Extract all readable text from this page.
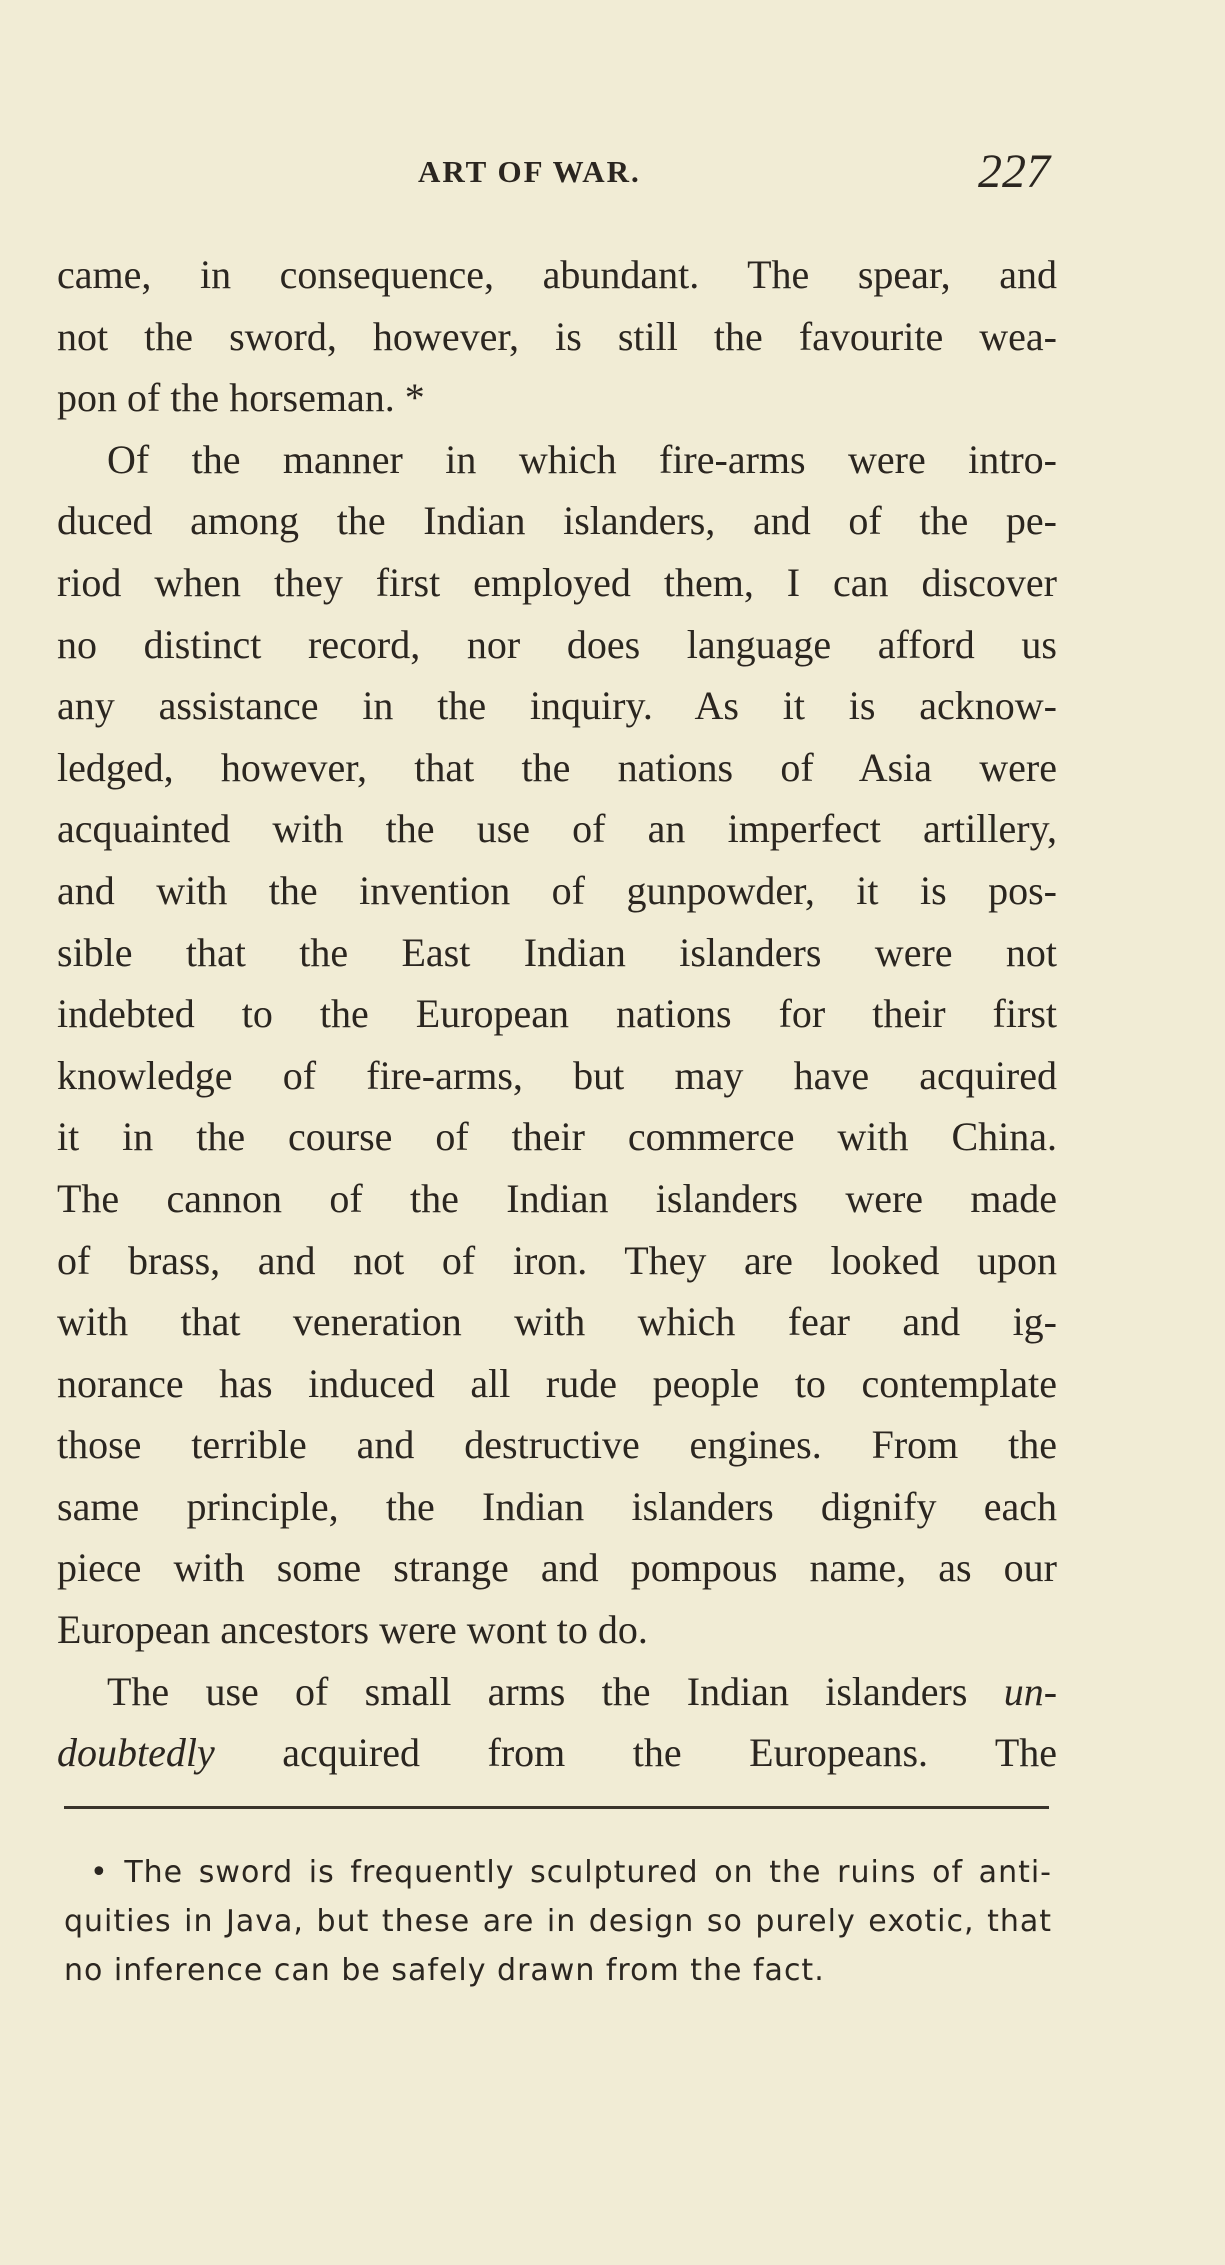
ART OF WAR.	227
came, in consequence, abundant. The spear, and
not the sword, however, is still the favourite wea-
pon of the horseman. *
Of the manner in which fire-arms were intro-
duced among the Indian islanders, and of the pe-
riod when they first employed them, I can discover
no distinct record, nor does language afford us
any assistance in the inquiry. As it is acknow-
ledged, however, that the nations of Asia were
acquainted with the use of an imperfect artillery,
and with the invention of gunpowder, it is pos-
sible that the East Indian islanders were not
indebted to the European nations for their first
knowledge of fire-arms, but may have acquired
it in the course of their commerce with China.
The cannon of the Indian islanders were made
of brass, and not of iron. They are looked upon
with that veneration with which fear and ig-
norance has induced all rude people to contemplate
those terrible and destructive engines. From the
same principle, the Indian islanders dignify each
piece with some strange and pompous name, as our
European ancestors were wont to do.
The use of small arms the Indian islanders un-
doubtedly acquired from the Europeans. The
• The sword is frequently sculptured on the ruins of anti-
quities in Java, but these are in design so purely exotic, that
no inference can be safely drawn from the fact.
